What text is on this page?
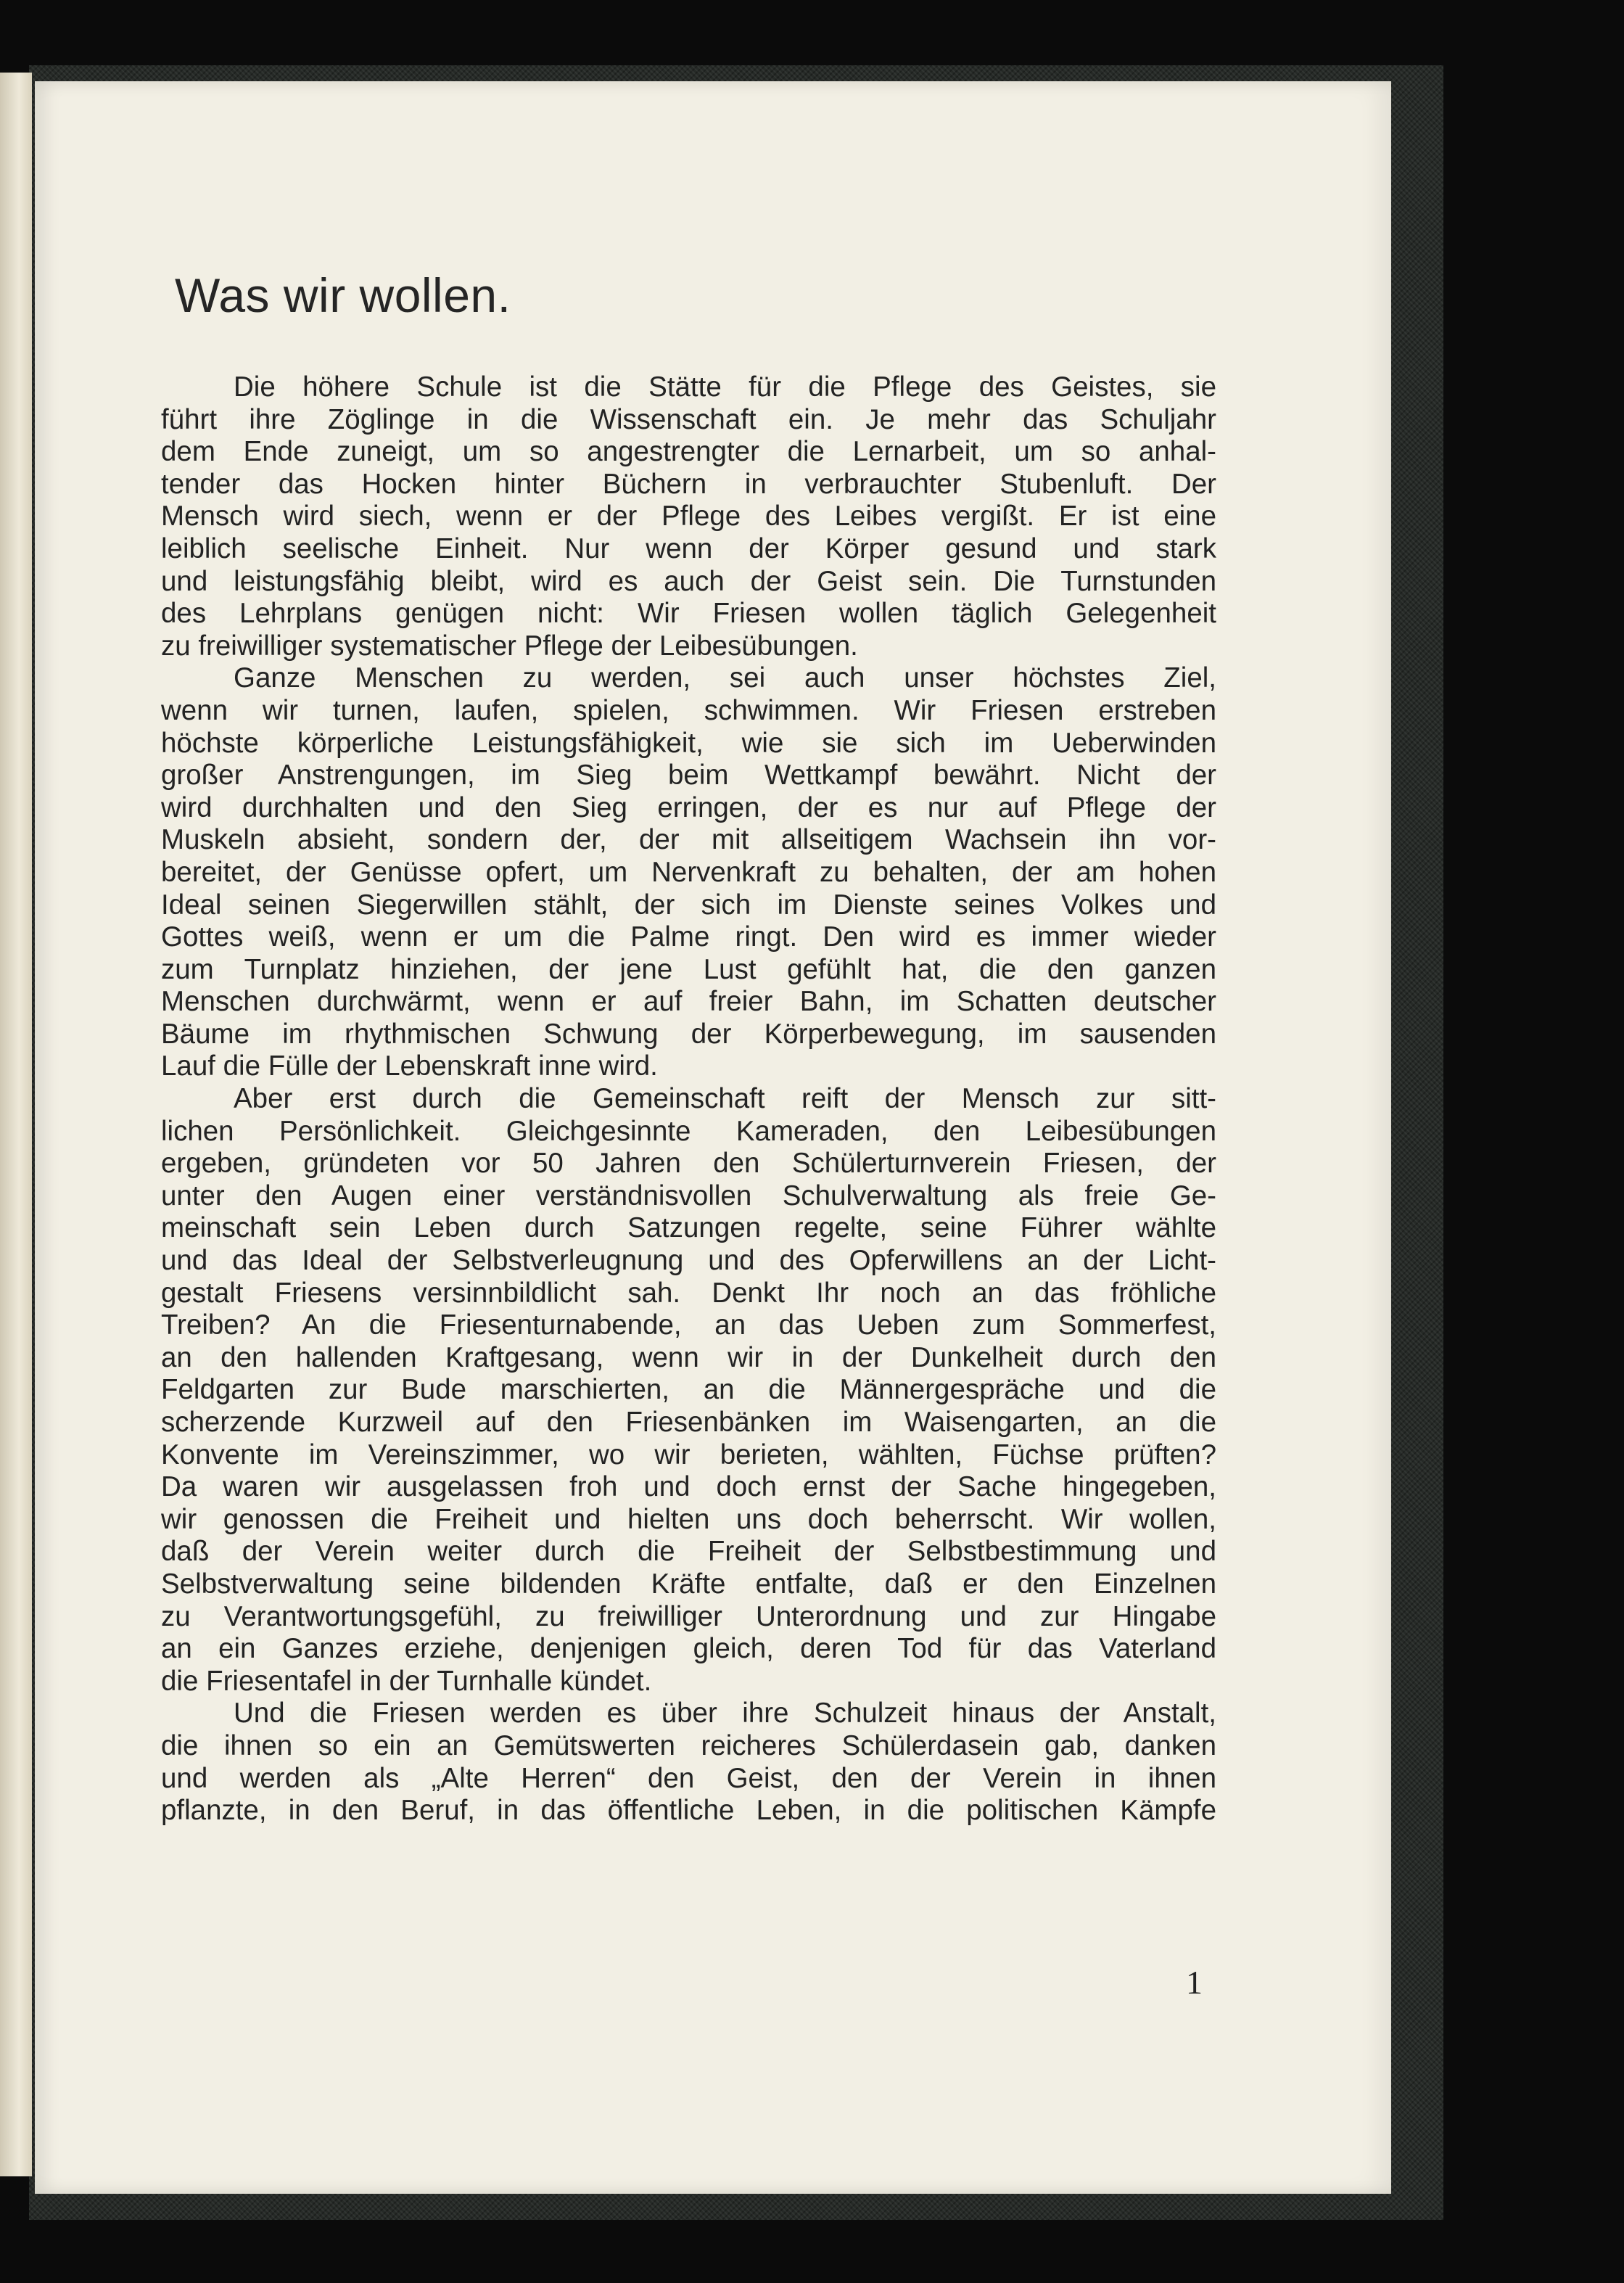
Was wir wollen.

Die höhere Schule ist die Stätte für die Pflege des Geistes, sie
führt ihre Zöglinge in die Wissenschaft ein. Je mehr das Schuljahr
dem Ende zuneigt, um so angestrengter die Lernarbeit, um so anhal-
tender das Hocken hinter Büchern in verbrauchter Stubenluft. Der
Mensch wird siech, wenn er der Pflege des Leibes vergißt. Er ist eine
leiblich seelische Einheit. Nur wenn der Körper gesund und stark
und leistungsfähig bleibt, wird es auch der Geist sein. Die Turnstunden
des Lehrplans genügen nicht: Wir Friesen wollen täglich Gelegenheit
zu freiwilliger systematischer Pflege der Leibesübungen.

Ganze Menschen zu werden, sei auch unser höchstes Ziel,
wenn wir turnen, laufen, spielen, schwimmen. Wir Friesen erstreben
höchste körperliche Leistungsfähigkeit, wie sie sich im Ueberwinden
großer Anstrengungen, im Sieg beim Wettkampf bewährt. Nicht der
wird durchhalten und den Sieg erringen, der es nur auf Pflege der
Muskeln absieht, sondern der, der mit allseitigem Wachsein ihn vor-
bereitet, der Genüsse opfert, um Nervenkraft zu behalten, der am hohen
Ideal seinen Siegerwillen stählt, der sich im Dienste seines Volkes und
Gottes weiß, wenn er um die Palme ringt. Den wird es immer wieder
zum Turnplatz hinziehen, der jene Lust gefühlt hat, die den ganzen
Menschen durchwärmt, wenn er auf freier Bahn, im Schatten deutscher
Bäume im rhythmischen Schwung der Körperbewegung, im sausenden
Lauf die Fülle der Lebenskraft inne wird.

Aber erst durch die Gemeinschaft reift der Mensch zur sitt-
lichen Persönlichkeit. Gleichgesinnte Kameraden, den Leibesübungen
ergeben, gründeten vor 50 Jahren den Schülerturnverein Friesen, der
unter den Augen einer verständnisvollen Schulverwaltung als freie Ge-
meinschaft sein Leben durch Satzungen regelte, seine Führer wählte
und das Ideal der Selbstverleugnung und des Opferwillens an der Licht-
gestalt Friesens versinnbildlicht sah. Denkt Ihr noch an das fröhliche
Treiben? An die Friesenturnabende, an das Ueben zum Sommerfest,
an den hallenden Kraftgesang, wenn wir in der Dunkelheit durch den
Feldgarten zur Bude marschierten, an die Männergespräche und die
scherzende Kurzweil auf den Friesenbänken im Waisengarten, an die
Konvente im Vereinszimmer, wo wir berieten, wählten, Füchse prüften?
Da waren wir ausgelassen froh und doch ernst der Sache hingegeben,
wir genossen die Freiheit und hielten uns doch beherrscht. Wir wollen,
daß der Verein weiter durch die Freiheit der Selbstbestimmung und
Selbstverwaltung seine bildenden Kräfte entfalte, daß er den Einzelnen
zu Verantwortungsgefühl, zu freiwilliger Unterordnung und zur Hingabe
an ein Ganzes erziehe, denjenigen gleich, deren Tod für das Vaterland
die Friesentafel in der Turnhalle kündet.

Und die Friesen werden es über ihre Schulzeit hinaus der Anstalt,
die ihnen so ein an Gemütswerten reicheres Schülerdasein gab, danken
und werden als „Alte Herren“ den Geist, den der Verein in ihnen
pflanzte, in den Beruf, in das öffentliche Leben, in die politischen Kämpfe

1
